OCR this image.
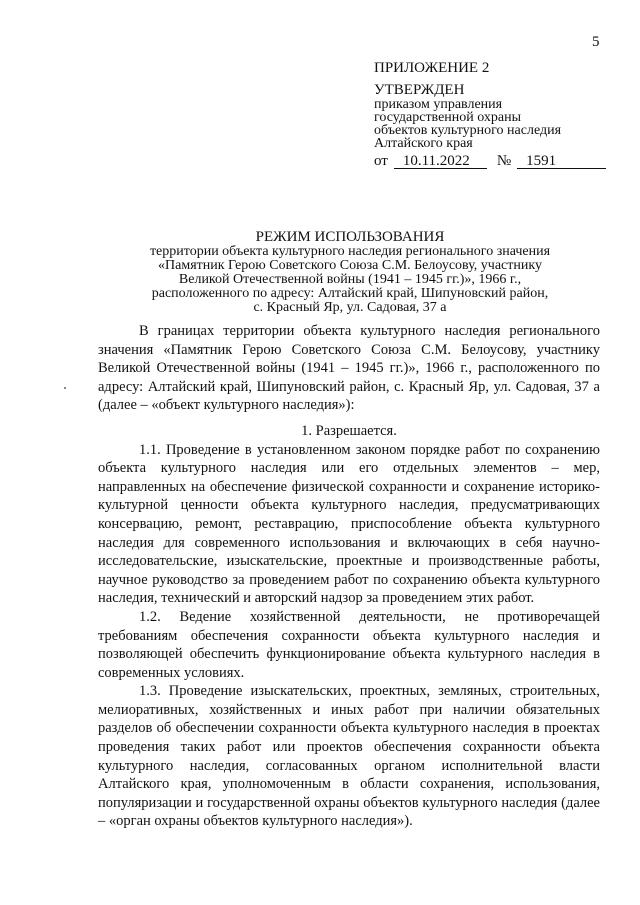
5
ПРИЛОЖЕНИЕ 2
УТВЕРЖДЕН
приказом управления
государственной охраны
объектов культурного наследия
Алтайского края
от 10.11.2022 № 1591
РЕЖИМ ИСПОЛЬЗОВАНИЯ
территории объекта культурного наследия регионального значения
«Памятник Герою Советского Союза С.М. Белоусову, участнику
Великой Отечественной войны (1941 – 1945 гг.)», 1966 г.,
расположенного по адресу: Алтайский край, Шипуновский район,
с. Красный Яр, ул. Садовая, 37 а

В границах территории объекта культурного наследия регионального значения «Памятник Герою Советского Союза С.М. Белоусову, участнику Великой Отечественной войны (1941 – 1945 гг.)», 1966 г., расположенного по адресу: Алтайский край, Шипуновский район, с. Красный Яр, ул. Садовая, 37 а (далее – «объект культурного наследия»):

1. Разрешается.

1.1. Проведение в установленном законом порядке работ по сохранению объекта культурного наследия или его отдельных элементов – мер, направленных на обеспечение физической сохранности и сохранение историко-культурной ценности объекта культурного наследия, предусматривающих консервацию, ремонт, реставрацию, приспособление объекта культурного наследия для современного использования и включающих в себя научно-исследовательские, изыскательские, проектные и производственные работы, научное руководство за проведением работ по сохранению объекта культурного наследия, технический и авторский надзор за проведением этих работ.

1.2. Ведение хозяйственной деятельности, не противоречащей требованиям обеспечения сохранности объекта культурного наследия и позволяющей обеспечить функционирование объекта культурного наследия в современных условиях.

1.3. Проведение изыскательских, проектных, земляных, строительных, мелиоративных, хозяйственных и иных работ при наличии обязательных разделов об обеспечении сохранности объекта культурного наследия в проектах проведения таких работ или проектов обеспечения сохранности объекта культурного наследия, согласованных органом исполнительной власти Алтайского края, уполномоченным в области сохранения, использования, популяризации и государственной охраны объектов культурного наследия (далее – «орган охраны объектов культурного наследия»).
